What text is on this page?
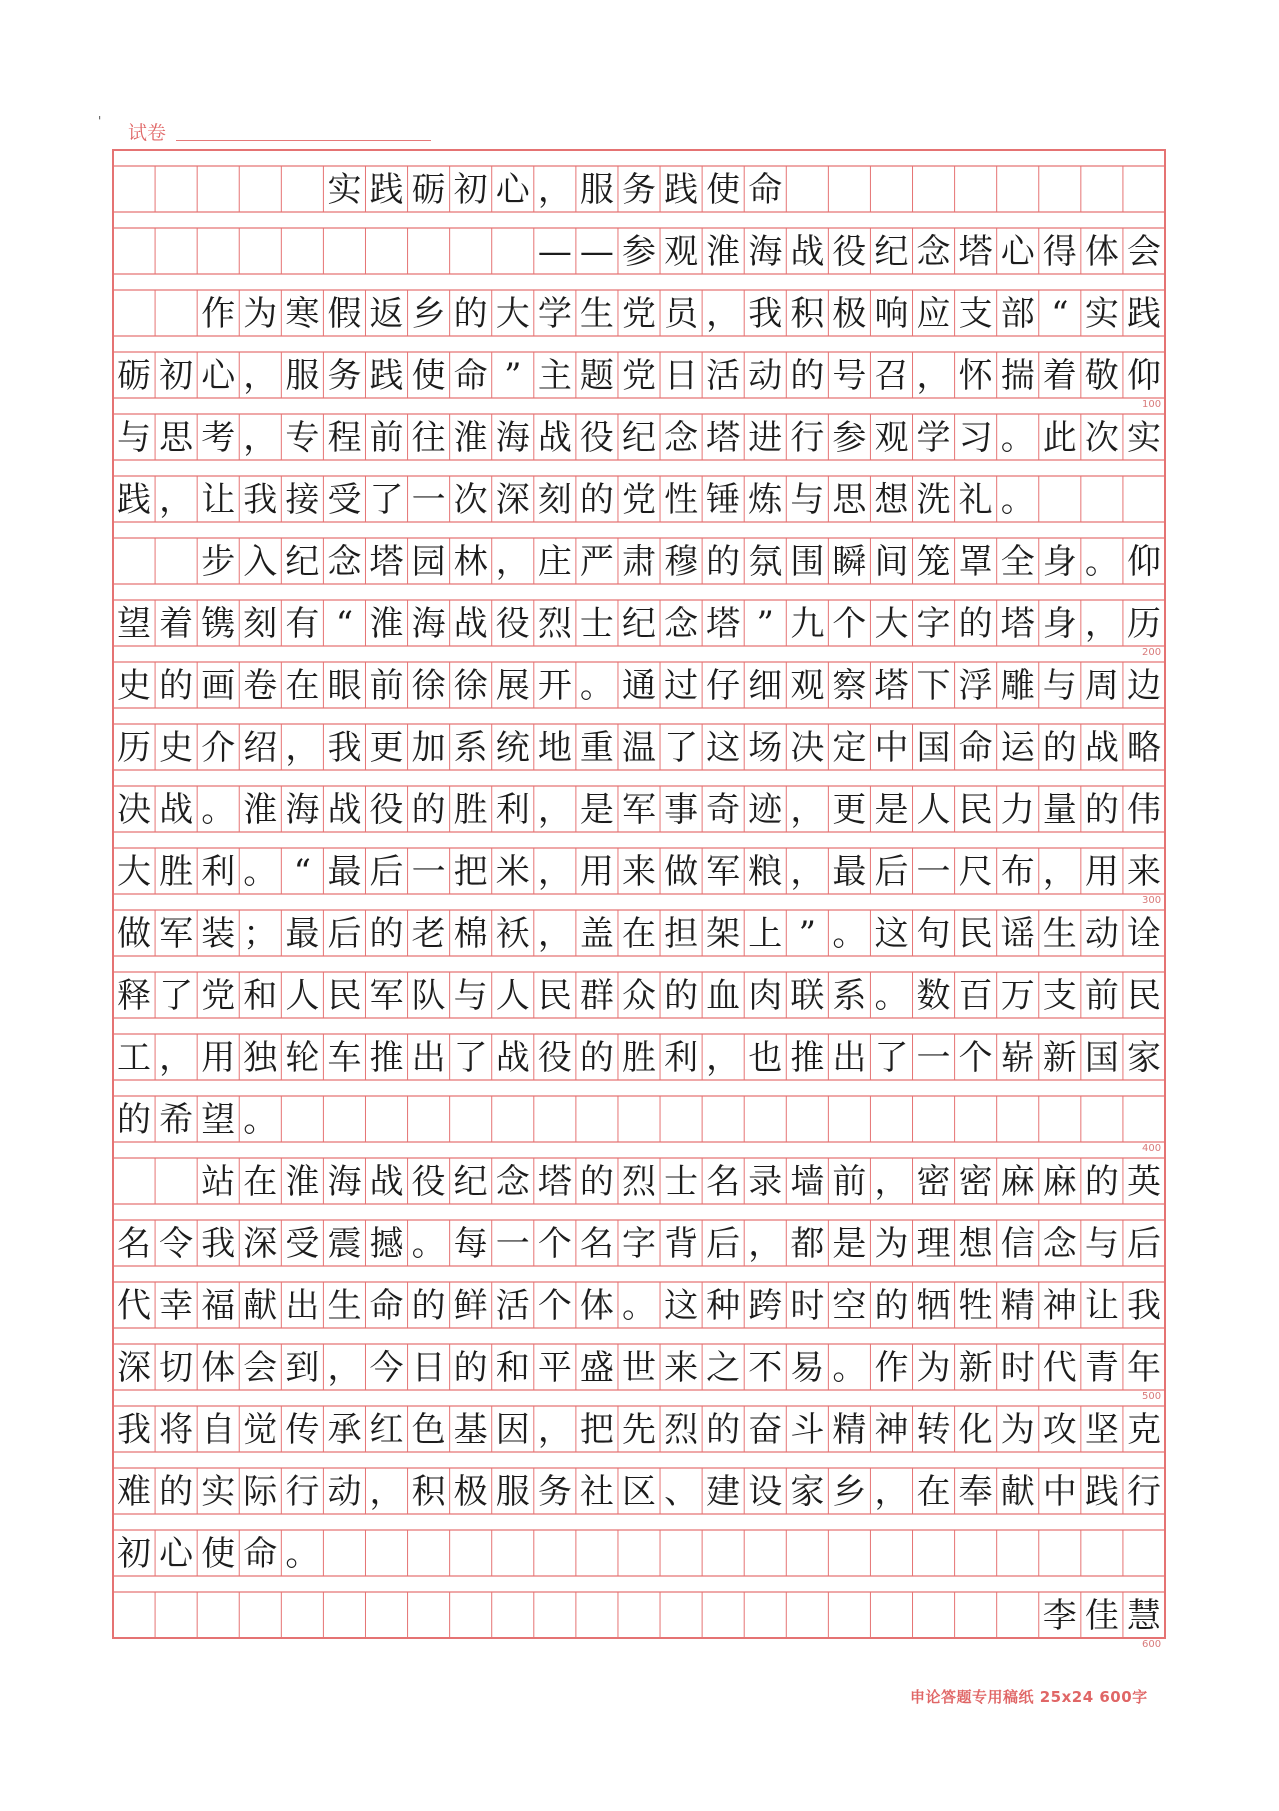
'
试卷
实 践 砺 初 心 ， 服 务 践 使 命
— — 参 观 淮 海 战 役 纪 念 塔 心 得 体 会
作 为 寒 假 返 乡 的 大 学 生 党 员 ， 我 积 极 响 应 支 部 “ 实 践
砺 初 心 ， 服 务 践 使 命 ” 主 题 党 日 活 动 的 号 召 ， 怀 揣 着 敬 仰
与 思 考 ， 专 程 前 往 淮 海 战 役 纪 念 塔 进 行 参 观 学 习 。 此 次 实
践 ， 让 我 接 受 了 一 次 深 刻 的 党 性 锤 炼 与 思 想 洗 礼 。
步 入 纪 念 塔 园 林 ， 庄 严 肃 穆 的 氛 围 瞬 间 笼 罩 全 身 。 仰
望 着 镌 刻 有 “ 淮 海 战 役 烈 士 纪 念 塔 ” 九 个 大 字 的 塔 身 ， 历
史 的 画 卷 在 眼 前 徐 徐 展 开 。 通 过 仔 细 观 察 塔 下 浮 雕 与 周 边
历 史 介 绍 ， 我 更 加 系 统 地 重 温 了 这 场 决 定 中 国 命 运 的 战 略
决 战 。 淮 海 战 役 的 胜 利 ， 是 军 事 奇 迹 ， 更 是 人 民 力 量 的 伟
大 胜 利 。 “ 最 后 一 把 米 ， 用 来 做 军 粮 ， 最 后 一 尺 布 ， 用 来
做 军 装 ； 最 后 的 老 棉 袄 ， 盖 在 担 架 上 ” 。 这 句 民 谣 生 动 诠
释 了 党 和 人 民 军 队 与 人 民 群 众 的 血 肉 联 系 。 数 百 万 支 前 民
工 ， 用 独 轮 车 推 出 了 战 役 的 胜 利 ， 也 推 出 了 一 个 崭 新 国 家
的 希 望 。
站 在 淮 海 战 役 纪 念 塔 的 烈 士 名 录 墙 前 ， 密 密 麻 麻 的 英
名 令 我 深 受 震 撼 。 每 一 个 名 字 背 后 ， 都 是 为 理 想 信 念 与 后
代 幸 福 献 出 生 命 的 鲜 活 个 体 。 这 种 跨 时 空 的 牺 牲 精 神 让 我
深 切 体 会 到 ， 今 日 的 和 平 盛 世 来 之 不 易 。 作 为 新 时 代 青 年
我 将 自 觉 传 承 红 色 基 因 ， 把 先 烈 的 奋 斗 精 神 转 化 为 攻 坚 克
难 的 实 际 行 动 ， 积 极 服 务 社 区 、 建 设 家 乡 ， 在 奉 献 中 践 行
初 心 使 命 。
李 佳 慧
100
200
300
400
500
600
申论答题专用稿纸 25x24 600字
